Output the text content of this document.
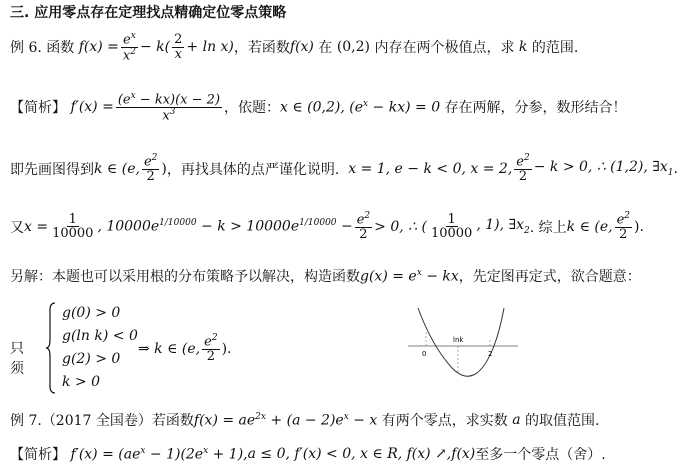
三. 应用零点存在定理找点精确定位零点策略
例 6.
函数
$f(x) = \frac{e^x}{x^2} - k( \frac{2}{x} + \ln x)$ ，若函数 f(x)
在
(0,2)
内存在两个极值点，求
k
的范围.
【简析】
$f'(x) = \frac{(e^x - kx)(x - 2)}{x^3}$ ，依题： x ∈ (0,2), $(e^x - kx) = 0$
存在两解，分参，数形结合！
即先画图得到 k ∈ (e, $\frac{e^2}{2}$ ) ，再找具体的点严谨化说明.
x = 1, e − k < 0, x = 2, $\frac{e^2}{2} - k > 0$, ∴ (1,2), $\exists x_1$ .
又 $x = \frac{1}{10000}$ , $10000e^{1/10000} - k > 10000e^{1/10000} - \frac{e^2}{2} > 0$, ∴ ( $\frac{1}{10000}$ , 1), $\exists x_2$ . 综上 k ∈ (e, $\frac{e^2}{2}$ ).
另解：本题也可以采用根的分布策略予以解决，构造函数 $g(x) = e^x$ − kx ，先定图再定式，欲合题意：
只须
g(0) > 0
g(ln k) < 0
g(2) > 0
k > 0
⇒ k ∈ (e, $\frac{e^2}{2}$ ).	0
lnk
2
例 7. （2017 全国卷）若函数 $f(x) = ae^{2x} + (a - 2)e^x - x$
有两个零点，求实数
a
的取值范围.
【简析】
$f'(x) = (ae^x - 1)(2e^x + 1)$, a ≤ 0, f′(x) < 0, x ∈ R, f(x) ↗, f(x) 至多一个零点（舍）.
